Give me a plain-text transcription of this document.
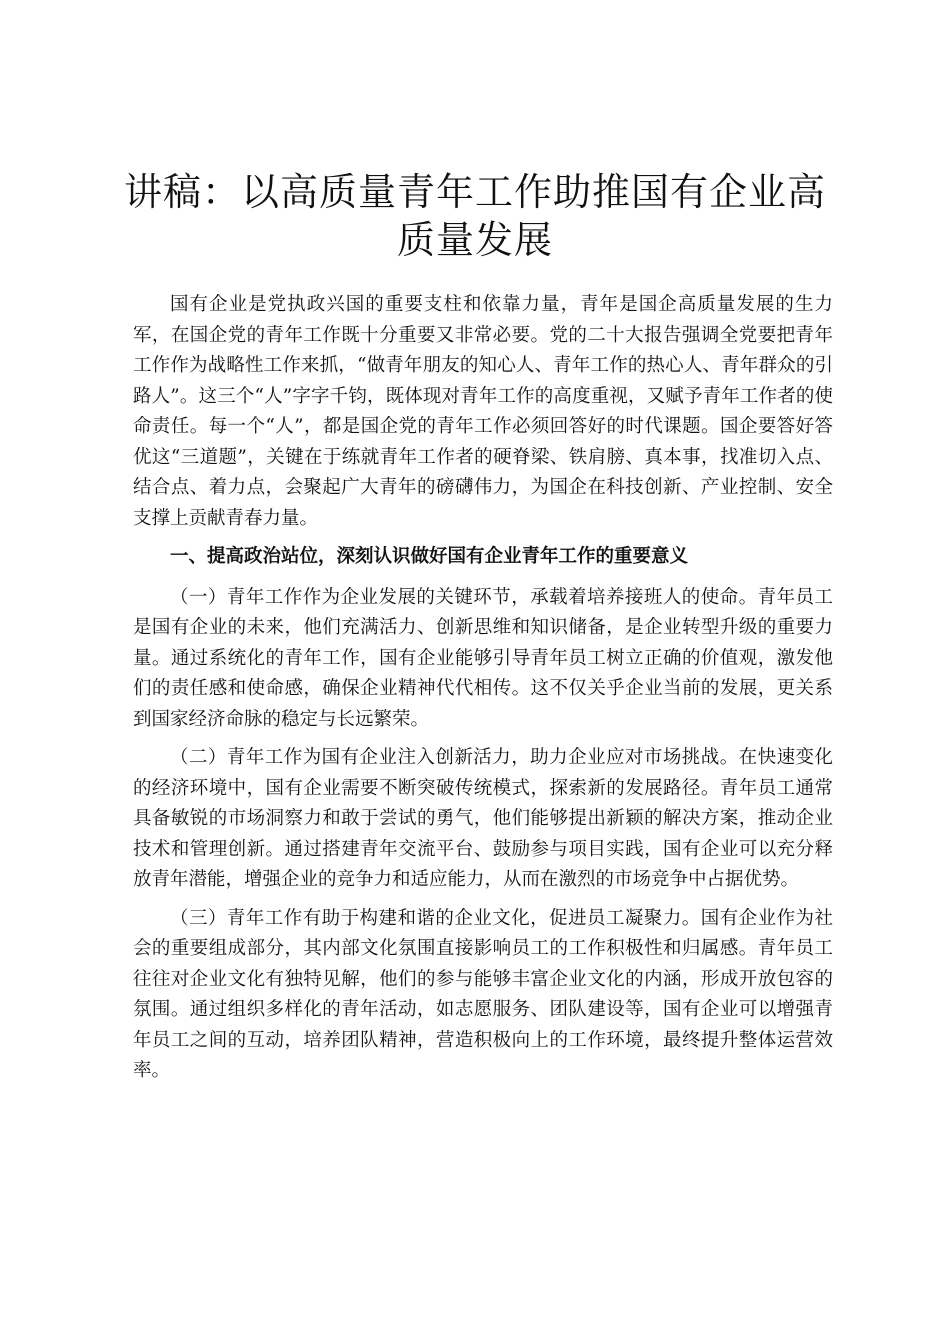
讲稿：以高质量青年工作助推国有企业高质量发展

国有企业是党执政兴国的重要支柱和依靠力量，青年是国企高质量发展的生力军，在国企党的青年工作既十分重要又非常必要。党的二十大报告强调全党要把青年工作作为战略性工作来抓，“做青年朋友的知心人、青年工作的热心人、青年群众的引路人”。这三个“人”字字千钧，既体现对青年工作的高度重视，又赋予青年工作者的使命责任。每一个“人”，都是国企党的青年工作必须回答好的时代课题。国企要答好答优这“三道题”，关键在于练就青年工作者的硬脊梁、铁肩膀、真本事，找准切入点、结合点、着力点，会聚起广大青年的磅礴伟力，为国企在科技创新、产业控制、安全支撑上贡献青春力量。

一、提高政治站位，深刻认识做好国有企业青年工作的重要意义

（一）青年工作作为企业发展的关键环节，承载着培养接班人的使命。青年员工是国有企业的未来，他们充满活力、创新思维和知识储备，是企业转型升级的重要力量。通过系统化的青年工作，国有企业能够引导青年员工树立正确的价值观，激发他们的责任感和使命感，确保企业精神代代相传。这不仅关乎企业当前的发展，更关系到国家经济命脉的稳定与长远繁荣。

（二）青年工作为国有企业注入创新活力，助力企业应对市场挑战。在快速变化的经济环境中，国有企业需要不断突破传统模式，探索新的发展路径。青年员工通常具备敏锐的市场洞察力和敢于尝试的勇气，他们能够提出新颖的解决方案，推动企业技术和管理创新。通过搭建青年交流平台、鼓励参与项目实践，国有企业可以充分释放青年潜能，增强企业的竞争力和适应能力，从而在激烈的市场竞争中占据优势。

（三）青年工作有助于构建和谐的企业文化，促进员工凝聚力。国有企业作为社会的重要组成部分，其内部文化氛围直接影响员工的工作积极性和归属感。青年员工往往对企业文化有独特见解，他们的参与能够丰富企业文化的内涵，形成开放包容的氛围。通过组织多样化的青年活动，如志愿服务、团队建设等，国有企业可以增强青年员工之间的互动，培养团队精神，营造积极向上的工作环境，最终提升整体运营效率。
